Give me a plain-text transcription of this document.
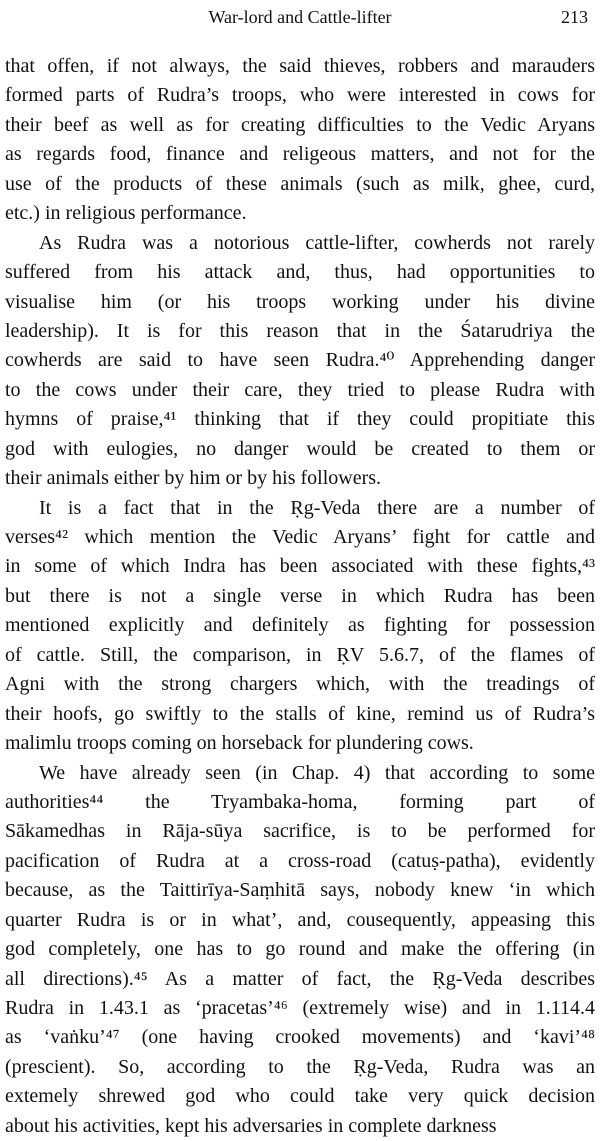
War-lord and Cattle-lifter	213
that offen, if not always, the said thieves, robbers and marauders
formed parts of Rudra’s troops, who were interested in cows for
their beef as well as for creating difficulties to the Vedic Aryans
as regards food, finance and religeous matters, and not for the
use of the products of these animals (such as milk, ghee, curd,
etc.) in religious performance.
As Rudra was a notorious cattle-lifter, cowherds not rarely
suffered from his attack and, thus, had opportunities to
visualise him (or his troops working under his divine
leadership). It is for this reason that in the Śatarudriya the
cowherds are said to have seen Rudra.⁴⁰ Apprehending danger
to the cows under their care, they tried to please Rudra with
hymns of praise,⁴¹ thinking that if they could propitiate this
god with eulogies, no danger would be created to them or
their animals either by him or by his followers.
It is a fact that in the Ṛg-Veda there are a number of
verses⁴² which mention the Vedic Aryans’ fight for cattle and
in some of which Indra has been associated with these fights,⁴³
but there is not a single verse in which Rudra has been
mentioned explicitly and definitely as fighting for possession
of cattle. Still, the comparison, in ṚV 5.6.7, of the flames of
Agni with the strong chargers which, with the treadings of
their hoofs, go swiftly to the stalls of kine, remind us of Rudra’s
malimlu troops coming on horseback for plundering cows.
We have already seen (in Chap. 4) that according to some
authorities⁴⁴ the Tryambaka-homa, forming part of
Sākamedhas in Rāja-sūya sacrifice, is to be performed for
pacification of Rudra at a cross-road (catuṣ-patha), evidently
because, as the Taittirīya-Saṃhitā says, nobody knew ‘in which
quarter Rudra is or in what’, and, cousequently, appeasing this
god completely, one has to go round and make the offering (in
all directions).⁴⁵ As a matter of fact, the Ṛg-Veda describes
Rudra in 1.43.1 as ‘pracetas’⁴⁶ (extremely wise) and in 1.114.4
as ‘vaṅku’⁴⁷ (one having crooked movements) and ‘kavi’⁴⁸
(prescient). So, according to the Ṛg-Veda, Rudra was an
extemely shrewed god who could take very quick decision
about his activities, kept his adversaries in complete darkness
